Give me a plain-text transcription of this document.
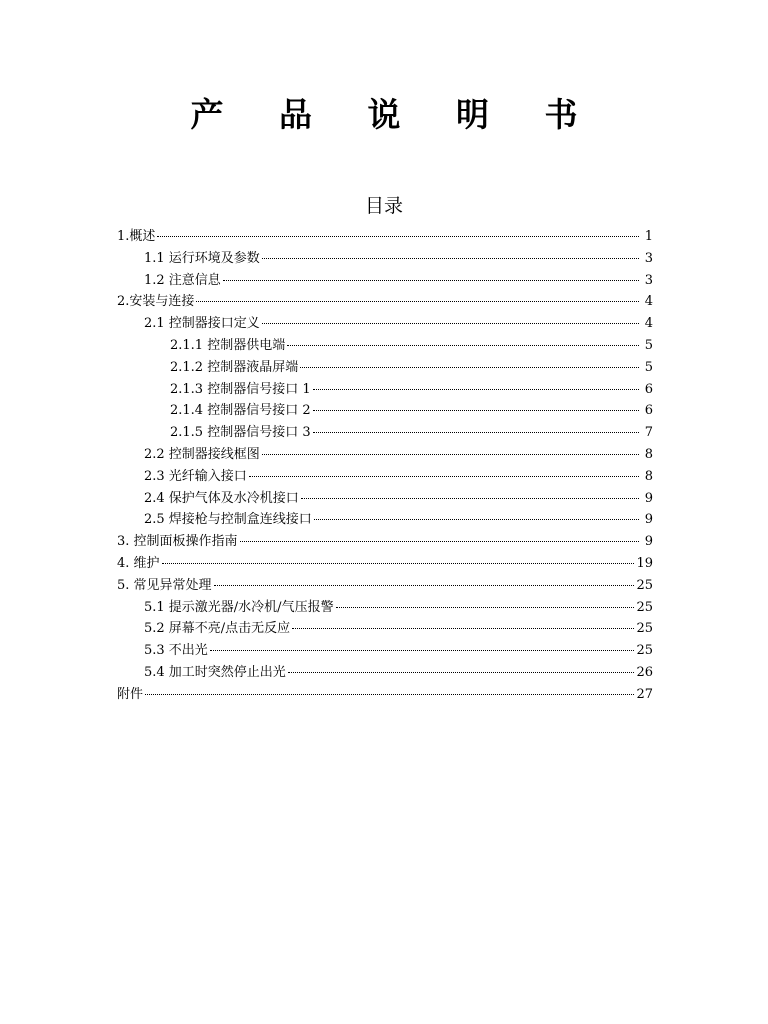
产 品 说 明 书
目录
1.概述	1
1.1 运行环境及参数	3
1.2 注意信息	3
2.安装与连接	4
2.1 控制器接口定义	4
2.1.1 控制器供电端	5
2.1.2 控制器液晶屏端	5
2.1.3 控制器信号接口 1	6
2.1.4 控制器信号接口 2	6
2.1.5 控制器信号接口 3	7
2.2 控制器接线框图	8
2.3 光纤输入接口	8
2.4 保护气体及水冷机接口	9
2.5 焊接枪与控制盒连线接口	9
3. 控制面板操作指南	9
4. 维护	19
5. 常见异常处理	25
5.1 提示激光器/水冷机/气压报警	25
5.2 屏幕不亮/点击无反应	25
5.3 不出光	25
5.4 加工时突然停止出光	26
附件	27
